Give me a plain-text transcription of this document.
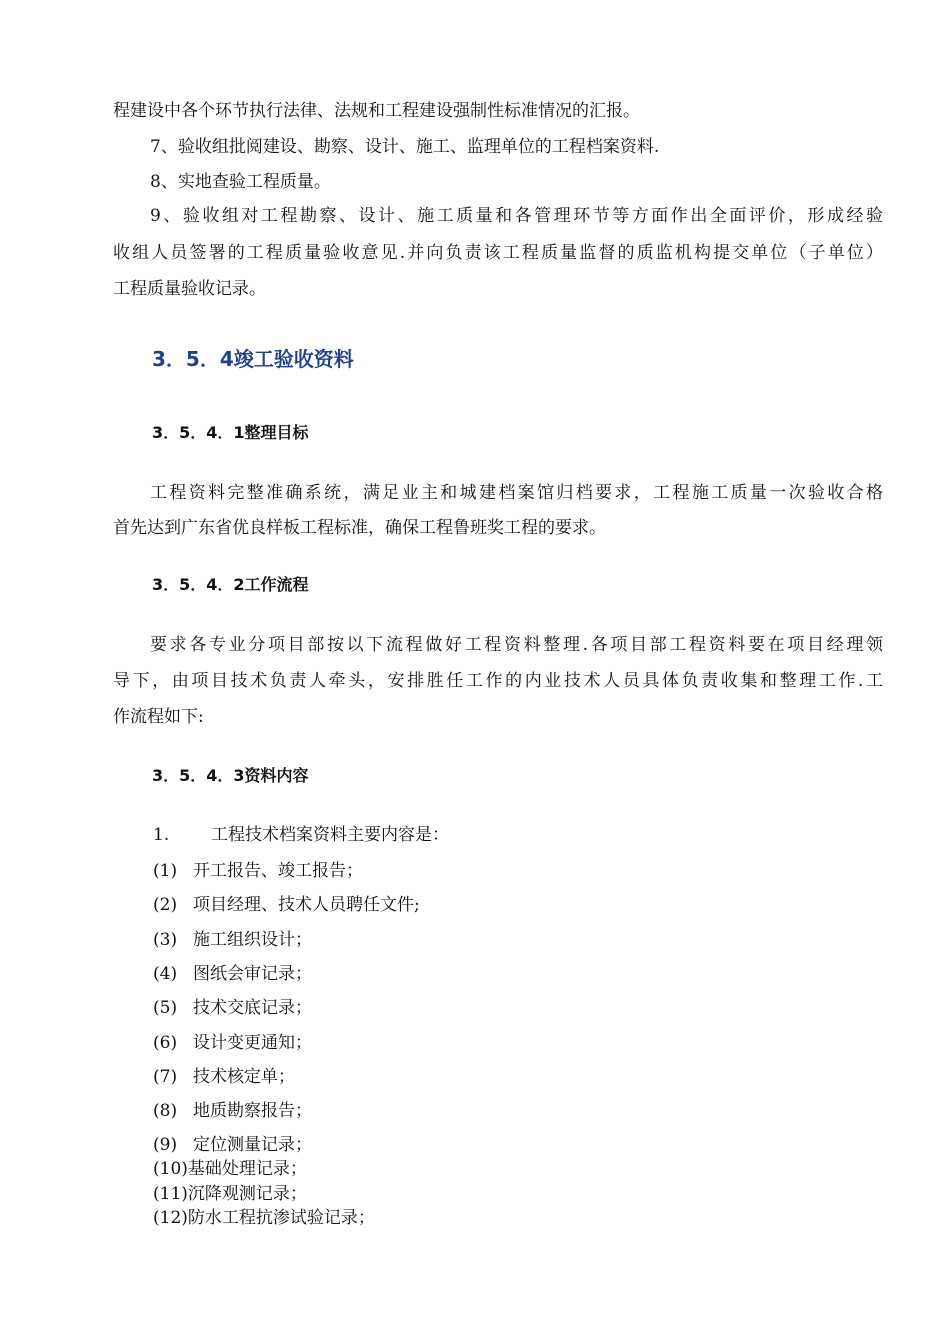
程建设中各个环节执行法律、法规和工程建设强制性标准情况的汇报。
7、验收组批阅建设、勘察、设计、施工、监理单位的工程档案资料.
8、实地查验工程质量。
9、验收组对工程勘察、设计、施工质量和各管理环节等方面作出全面评价，形成经验
收组人员签署的工程质量验收意见.并向负责该工程质量监督的质监机构提交单位（子单位）
工程质量验收记录。
3．5．4竣工验收资料
3．5．4．1整理目标
工程资料完整准确系统，满足业主和城建档案馆归档要求，工程施工质量一次验收合格
首先达到广东省优良样板工程标准，确保工程鲁班奖工程的要求。
3．5．4．2工作流程
要求各专业分项目部按以下流程做好工程资料整理.各项目部工程资料要在项目经理领
导下，由项目技术负责人牵头，安排胜任工作的内业技术人员具体负责收集和整理工作.工
作流程如下:
3．5．4．3资料内容
1. 工程技术档案资料主要内容是：
(1) 开工报告、竣工报告；
(2) 项目经理、技术人员聘任文件;
(3) 施工组织设计；
(4) 图纸会审记录；
(5) 技术交底记录；
(6) 设计变更通知；
(7) 技术核定单；
(8) 地质勘察报告；
(9) 定位测量记录；
(10)基础处理记录；
(11)沉降观测记录；
(12)防水工程抗渗试验记录；
